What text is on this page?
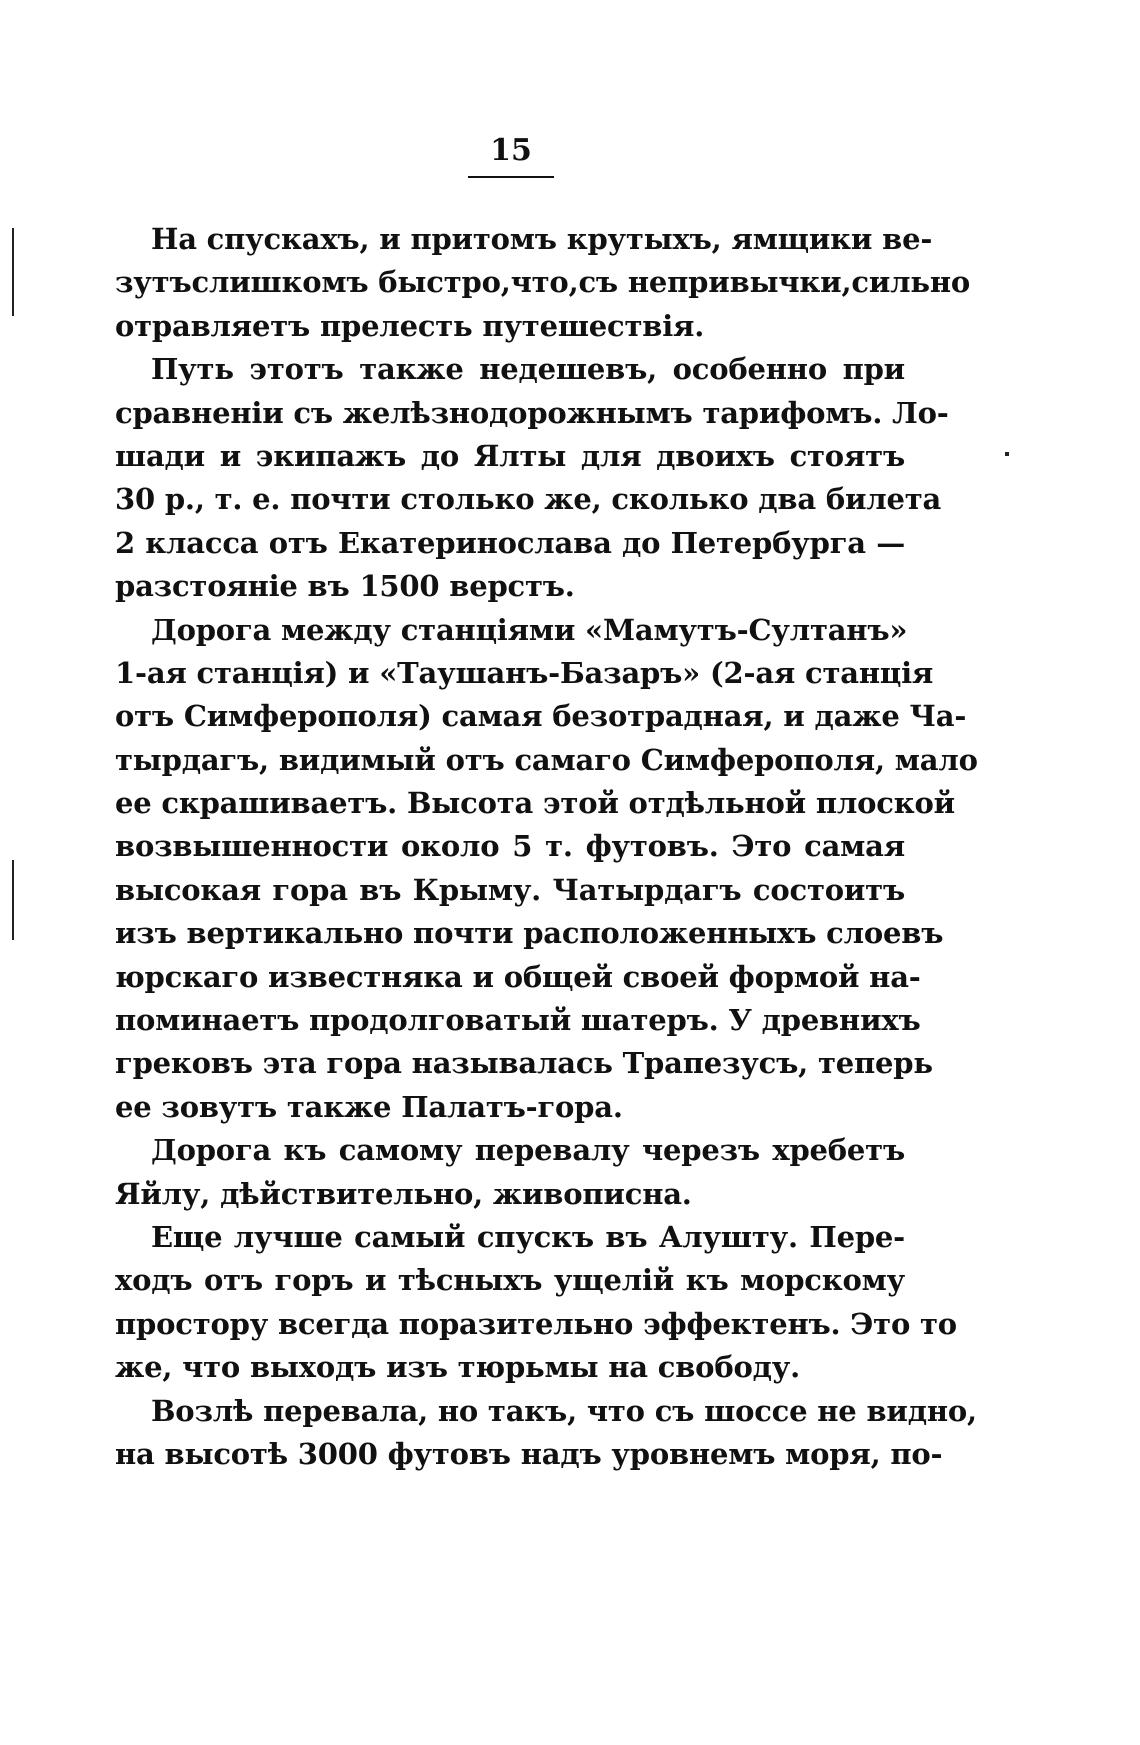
15
На спускахъ, и притомъ крутыхъ, ямщики ве-
зутъслишкомъ быстро,что,съ непривычки,сильно
отравляетъ прелесть путешествія.
Путь этотъ также недешевъ, особенно при
сравненіи съ желѣзнодорожнымъ тарифомъ. Ло-
шади и экипажъ до Ялты для двоихъ стоятъ
30 р., т. е. почти столько же, сколько два билета
2 класса отъ Екатеринослава до Петербурга —
разстояніе въ 1500 верстъ.
Дорога между станціями «Мамутъ-Султанъ»
1-ая станція) и «Таушанъ-Базаръ» (2-ая станція
отъ Симферополя) самая безотрадная, и даже Ча-
тырдагъ, видимый отъ самаго Симферополя, мало
ее скрашиваетъ. Высота этой отдѣльной плоской
возвышенности около 5 т. футовъ. Это самая
высокая гора въ Крыму. Чатырдагъ состоитъ
изъ вертикально почти расположенныхъ слоевъ
юрскаго известняка и общей своей формой на-
поминаетъ продолговатый шатеръ. У древнихъ
грековъ эта гора называлась Трапезусъ, теперь
ее зовутъ также Палатъ-гора.
Дорога къ самому перевалу черезъ хребетъ
Яйлу, дѣйствительно, живописна.
Еще лучше самый спускъ въ Алушту. Пере-
ходъ отъ горъ и тѣсныхъ ущелій къ морскому
простору всегда поразительно эффектенъ. Это то
же, что выходъ изъ тюрьмы на свободу.
Возлѣ перевала, но такъ, что съ шоссе не видно,
на высотѣ 3000 футовъ надъ уровнемъ моря, по-
